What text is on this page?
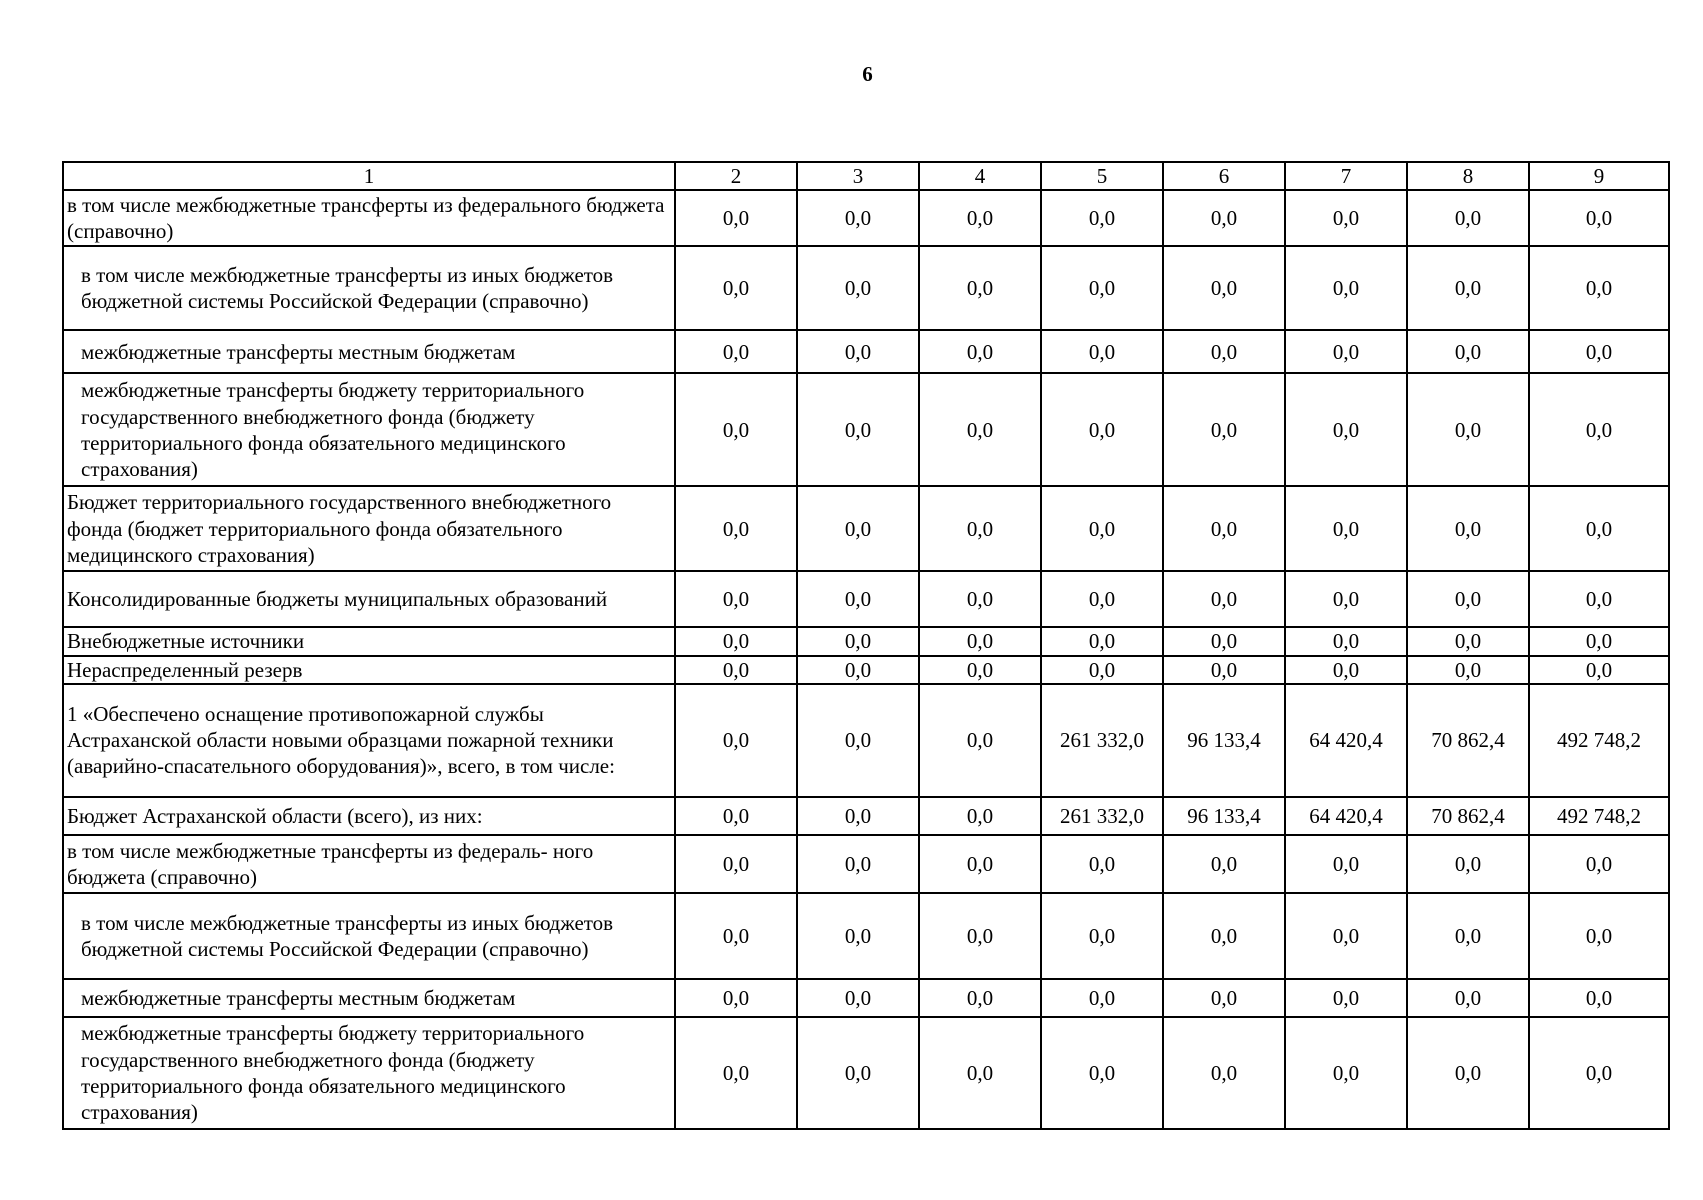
6
1	2	3	4	5	6	7	8	9
в том числе межбюджетные трансферты из федерального бюджета (справочно)	0,0	0,0	0,0	0,0	0,0	0,0	0,0	0,0
в том числе межбюджетные трансферты из иных бюджетов бюджетной системы Российской Федерации (справочно)	0,0	0,0	0,0	0,0	0,0	0,0	0,0	0,0
межбюджетные трансферты местным бюджетам	0,0	0,0	0,0	0,0	0,0	0,0	0,0	0,0
межбюджетные трансферты бюджету территориального государственного внебюджетного фонда (бюджету территориального фонда обязательного медицинского страхования)	0,0	0,0	0,0	0,0	0,0	0,0	0,0	0,0
Бюджет территориального государственного внебюджетного фонда (бюджет территориального фонда обязательного медицинского страхования)	0,0	0,0	0,0	0,0	0,0	0,0	0,0	0,0
Консолидированные бюджеты муниципальных образований	0,0	0,0	0,0	0,0	0,0	0,0	0,0	0,0
Внебюджетные источники	0,0	0,0	0,0	0,0	0,0	0,0	0,0	0,0
Нераспределенный резерв	0,0	0,0	0,0	0,0	0,0	0,0	0,0	0,0
1 «Обеспечено оснащение противопожарной службы Астраханской области новыми образцами пожарной техники (аварийно-спасательного оборудования)», всего, в том числе:	0,0	0,0	0,0	261 332,0	96 133,4	64 420,4	70 862,4	492 748,2
Бюджет Астраханской области (всего), из них:	0,0	0,0	0,0	261 332,0	96 133,4	64 420,4	70 862,4	492 748,2
в том числе межбюджетные трансферты из федераль- ного бюджета (справочно)	0,0	0,0	0,0	0,0	0,0	0,0	0,0	0,0
в том числе межбюджетные трансферты из иных бюджетов бюджетной системы Российской Федерации (справочно)	0,0	0,0	0,0	0,0	0,0	0,0	0,0	0,0
межбюджетные трансферты местным бюджетам	0,0	0,0	0,0	0,0	0,0	0,0	0,0	0,0
межбюджетные трансферты бюджету территориального государственного внебюджетного фонда (бюджету территориального фонда обязательного медицинского страхования)	0,0	0,0	0,0	0,0	0,0	0,0	0,0	0,0
